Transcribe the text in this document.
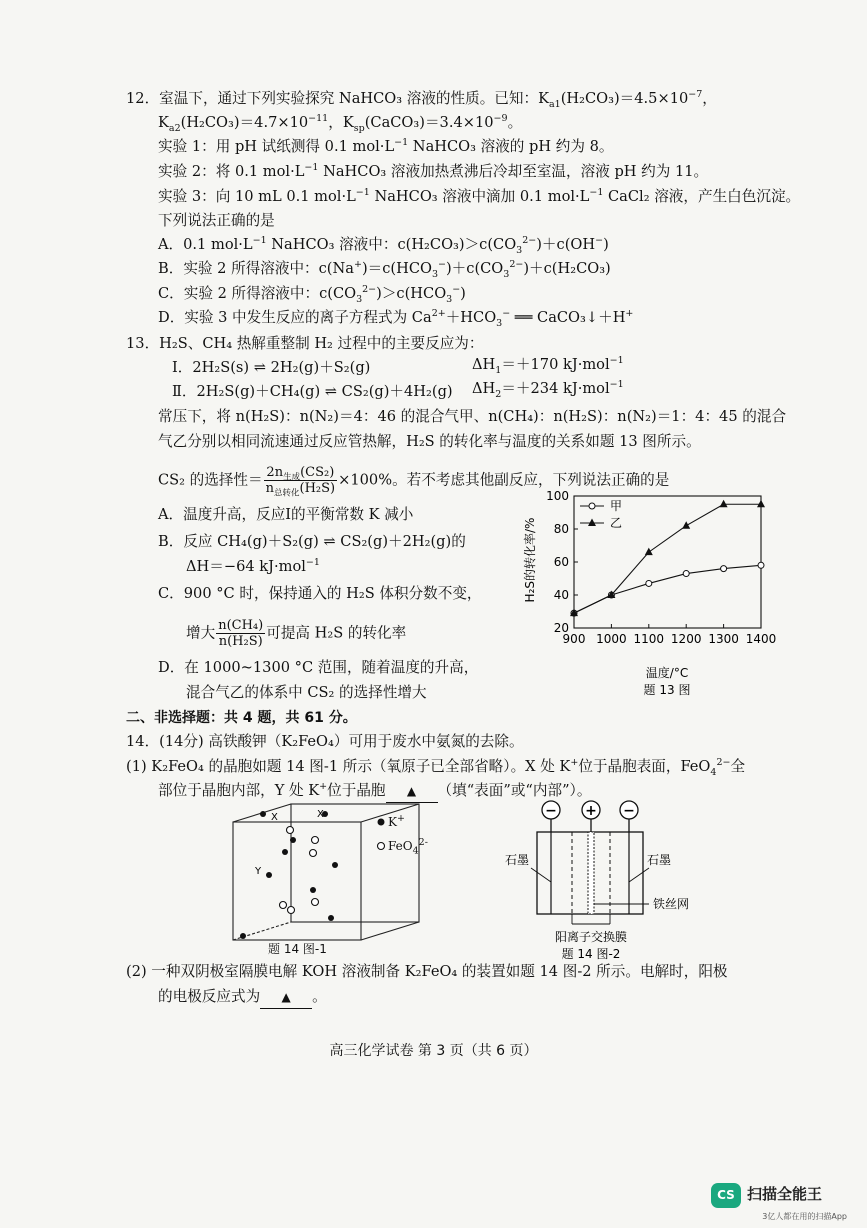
12．室温下，通过下列实验探究 NaHCO₃ 溶液的性质。已知：$K_{a1}(H_2CO_3)=4.5\times 10^{-7}$，
$K_{a2}(H_2CO_3)=4.7\times 10^{-11}$，$K_{sp}(CaCO_3)=3.4\times 10^{-9}$。
实验 1：用 pH 试纸测得 0.1 $mol\cdot L^{-1}$ NaHCO₃ 溶液的 pH 约为 8。
实验 2：将 0.1 $mol\cdot L^{-1}$ NaHCO₃ 溶液加热煮沸后冷却至室温，溶液 pH 约为 11。
实验 3：向 10 mL 0.1 $mol\cdot L^{-1}$ NaHCO₃ 溶液中滴加 0.1 $mol\cdot L^{-1}$ CaCl₂ 溶液，产生白色沉淀。
下列说法正确的是
A．0.1 $mol\cdot L^{-1}$ NaHCO₃ 溶液中：$c(H_2CO_3)>c(CO_3^{2-})+c(OH^-)$
B．实验 2 所得溶液中：$c(Na^+)=c(HCO_3^-)+c(CO_3^{2-})+c(H_2CO_3)$
C．实验 2 所得溶液中：$c(CO_3^{2-})>c(HCO_3^-)$
D．实验 3 中发生反应的离子方程式为 $Ca^{2+}+HCO_3^-$ ══ CaCO₃↓＋H+
13．H₂S、CH₄ 热解重整制 H₂ 过程中的主要反应为：
Ⅰ．2H₂S(s) ⇌ 2H₂(g)＋S₂(g)	$\Delta H_1=+170$ kJ·mol$^{-1}$
Ⅱ．2H₂S(g)＋CH₄(g) ⇌ CS₂(g)＋4H₂(g) $\Delta H_2=+234$ kJ·mol$^{-1}$
常压下，将 n(H₂S)：n(N₂)＝4：46 的混合气甲、n(CH₄)：n(H₂S)：n(N₂)＝1：4：45 的混合
气乙分别以相同流速通过反应管热解，H₂S 的转化率与温度的关系如题 13 图所示。
CS₂ 的选择性＝ $\frac{2n_{生成}(CS_2)}{n_{总转化}(H_2S)} \times 100\%$。若不考虑其他副反应，下列说法正确的是
A．温度升高，反应Ⅰ的平衡常数 K 减小
B．反应 CH₄(g)＋S₂(g) ⇌ CS₂(g)＋2H₂(g)的
ΔH＝−64 kJ·mol$^{-1}$
C．900 °C 时，保持通入的 H₂S 体积分数不变，
增大 $\frac{\text{n(CH₄)}}{\text{n(H₂S)}}$ 可提高 H₂S 的转化率
D．在 1000~1300 °C 范围，随着温度的升高，
混合气乙的体系中 CS₂ 的选择性增大
20
40
60
80
100
900 1000 1100 1200 1300 1400
甲
乙
H₂S的转化率/%
温度/°C
题 13 图
二、非选择题：共 4 题，共 61 分。
14．(14分) 高铁酸钾（K₂FeO₄）可用于废水中氨氮的去除。
(1) K₂FeO₄ 的晶胞如题 14 图-1 所示（氧原子已全部省略）。X 处 K+位于晶胞表面，FeO$_4^{2-}$全
部位于晶胞内部，Y 处 K+位于晶胞 ▲ （填“表面”或“内部”）。
X	X
Y
K+
FeO$_4^{2-}$
题 14 图-1
− + −
石墨	石墨
铁丝网
阳离子交换膜
题 14 图-2
(2) 一种双阴极室隔膜电解 KOH 溶液制备 K₂FeO₄ 的装置如题 14 图-2 所示。电解时，阳极
的电极反应式为 ▲ 。
高三化学试卷 第 3 页（共 6 页）
CS 扫描全能王
3亿人都在用的扫描App
